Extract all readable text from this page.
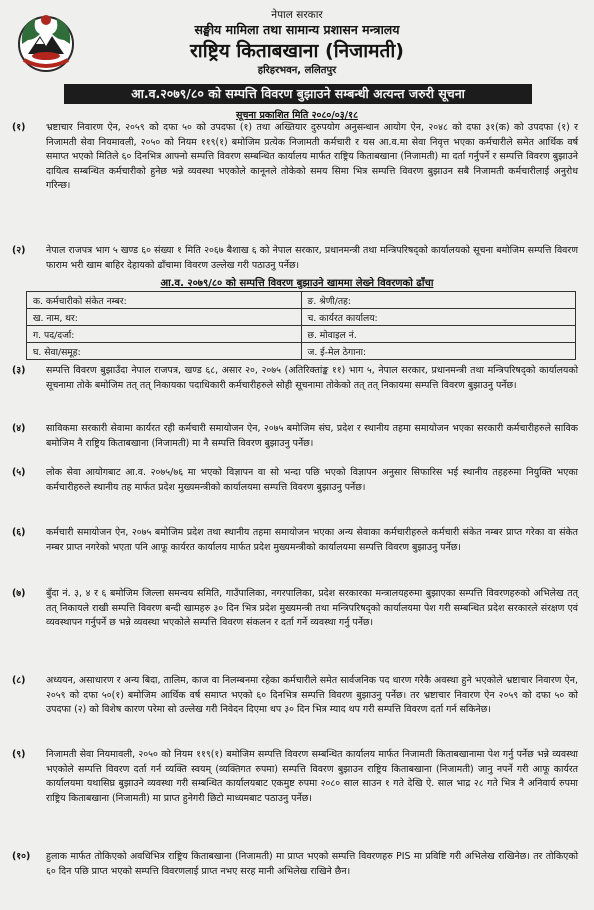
नेपाल सरकार
सङ्घीय मामिला तथा सामान्य प्रशासन मन्त्रालय
राष्ट्रिय किताबखाना (निजामती)
हरिहरभवन, ललितपुर
आ.व.२०७९/८० को सम्पत्ति विवरण बुझाउने सम्बन्धी अत्यन्त जरुरी सूचना
सूचना प्रकाशित मिति २०८०/०३/१८
(१)	भ्रष्टाचार निवारण ऐन, २०५९ को दफा ५० को उपदफा (१) तथा अख्तियार दुरुपयोग अनुसन्धान आयोग ऐन, २०४८ को दफा ३१(क) को उपदफा (१) र निजामती सेवा नियमावली, २०५० को नियम ११९(१) बमोजिम प्रत्येक निजामती कर्मचारी र यस आ.व.मा सेवा निवृत्त भएका कर्मचारीले समेत आर्थिक वर्ष समाप्त भएको मितिले ६० दिनभित्र आफ्नो सम्पत्ति विवरण सम्बन्धित कार्यालय मार्फत राष्ट्रिय किताबखाना (निजामती) मा दर्ता गर्नुपर्ने र सम्पत्ति विवरण बुझाउने दायित्व सम्बन्धित कर्मचारीको हुनेछ भन्ने व्यवस्था भएकोले कानूनले तोकेको समय सिमा भित्र सम्पत्ति विवरण बुझाउन सबै निजामती कर्मचारीलाई अनुरोध गरिन्छ।
(२)	नेपाल राजपत्र भाग ५ खण्ड ६० संख्या १ मिति २०६७ बैशाख ६ को नेपाल सरकार, प्रधानमन्त्री तथा मन्त्रिपरिषद्को कार्यालयको सूचना बमोजिम सम्पत्ति विवरण फाराम भरी खाम बाहिर देहायको ढाँचामा विवरण उल्लेख गरी पठाउनु पर्नेछ।
आ.व. २०७९/८० को सम्पत्ति विवरण बुझाउने खाममा लेख्ने विवरणको ढाँचा
क. कर्मचारीको संकेत नम्बर:	ङ. श्रेणी/तह:
ख. नाम, थर:	च. कार्यरत कार्यालय:
ग. पद/दर्जा:	छ. मोवाइल नं.
घ. सेवा/समूह:	ज. ई-मेल ठेगाना:
(३)	सम्पत्ति विवरण बुझाउँदा नेपाल राजपत्र, खण्ड ६८, असार २०, २०७५ (अतिरिक्तांङ्क ११) भाग ५, नेपाल सरकार, प्रधानमन्त्री तथा मन्त्रिपरिषद्को कार्यालयको सूचनामा तोके बमोजिम तत् तत् निकायका पदाधिकारी कर्मचारीहरुले सोही सूचनामा तोकेको तत् तत् निकायमा सम्पत्ति विवरण बुझाउनु पर्नेछ।
(४)	साविकमा सरकारी सेवामा कार्यरत रही कर्मचारी समायोजन ऐन, २०७५ बमोजिम संघ, प्रदेश र स्थानीय तहमा समायोजन भएका सरकारी कर्मचारीहरुले साविक बमोजिम नै राष्ट्रिय किताबखाना (निजामती) मा नै सम्पत्ति विवरण बुझाउनु पर्नेछ।
(५)	लोक सेवा आयोगबाट आ.व. २०७५/७६ मा भएको विज्ञापन वा सो भन्दा पछि भएको विज्ञापन अनुसार सिफारिस भई स्थानीय तहहरुमा नियुक्ति भएका कर्मचारीहरुले स्थानीय तह मार्फत प्रदेश मुख्यमन्त्रीको कार्यालयमा सम्पत्ति विवरण बुझाउनु पर्नेछ।
(६)	कर्मचारी समायोजन ऐन, २०७५ बमोजिम प्रदेश तथा स्थानीय तहमा समायोजन भएका अन्य सेवाका कर्मचारीहरुले कर्मचारी संकेत नम्बर प्राप्त गरेका वा संकेत नम्बर प्राप्त नगरेको भएता पनि आफू कार्यरत कार्यालय मार्फत प्रदेश मुख्यमन्त्रीको कार्यालयमा सम्पत्ति विवरण बुझाउनु पर्नेछ।
(७)	बुँदा नं. ३, ४ र ६ बमोजिम जिल्ला समन्वय समिति, गाउँपालिका, नगरपालिका, प्रदेश सरकारका मन्त्रालयहरुमा बुझाएका सम्पत्ति विवरणहरुको अभिलेख तत् तत् निकायले राखी सम्पत्ति विवरण बन्दी खामहरु ३० दिन भित्र प्रदेश मुख्यमन्त्री तथा मन्त्रिपरिषद्को कार्यालयमा पेश गरी सम्बन्धित प्रदेश सरकारले संरक्षण एवं व्यवस्थापन गर्नुपर्ने छ भन्ने व्यवस्था भएकोले सम्पत्ति विवरण संकलन र दर्ता गर्ने व्यवस्था गर्नु पर्नेछ।
(८)	अध्ययन, असाधारण र अन्य बिदा, तालिम, काज वा निलम्बनमा रहेका कर्मचारीले समेत सार्वजनिक पद धारण गरेकै अवस्था हुने भएकोले भ्रष्टाचार निवारण ऐन, २०५९ को दफा ५०(१) बमोजिम आर्थिक वर्ष समाप्त भएको ६० दिनभित्र सम्पत्ति विवरण बुझाउनु पर्नेछ। तर भ्रष्टाचार निवारण ऐन २०५९ को दफा ५० को उपदफा (२) को विशेष कारण परेमा सो उल्लेख गरी निवेदन दिएमा थप ३० दिन भित्र म्याद थप गरी सम्पत्ति विवरण दर्ता गर्न सकिनेछ।
(९)	निजामती सेवा नियमावली, २०५० को नियम ११९(१) बमोजिम सम्पत्ति विवरण सम्बन्धित कार्यालय मार्फत निजामती किताबखानामा पेश गर्नु पर्नेछ भन्ने व्यवस्था भएकोले सम्पत्ति विवरण दर्ता गर्न व्यक्ति स्वयम् (व्यक्तिगत रुपमा) सम्पत्ति विवरण बुझाउन राष्ट्रिय किताबखाना (निजामती) जानु नपर्ने गरी आफू कार्यरत कार्यालयमा यथासिघ्र बुझाउने व्यवस्था गरी सम्बन्धित कार्यालयबाट एकमुष्ट रुपमा २०८० साल साउन १ गते देखि ऐ. साल भाद्र २८ गते भित्र नै अनिवार्य रुपमा राष्ट्रिय किताबखाना (निजामती) मा प्राप्त हुनेगरी छिटो माध्यमबाट पठाउनु पर्नेछ।
(१०)	हुलाक मार्फत तोकिएको अवधिभित्र राष्ट्रिय किताबखाना (निजामती) मा प्राप्त भएको सम्पत्ति विवरणहरु PIS मा प्रविष्टि गरी अभिलेख राखिनेछ। तर तोकिएको ६० दिन पछि प्राप्त भएको सम्पत्ति विवरणलाई प्राप्त नभए सरह मानी अभिलेख राखिने छैन।
